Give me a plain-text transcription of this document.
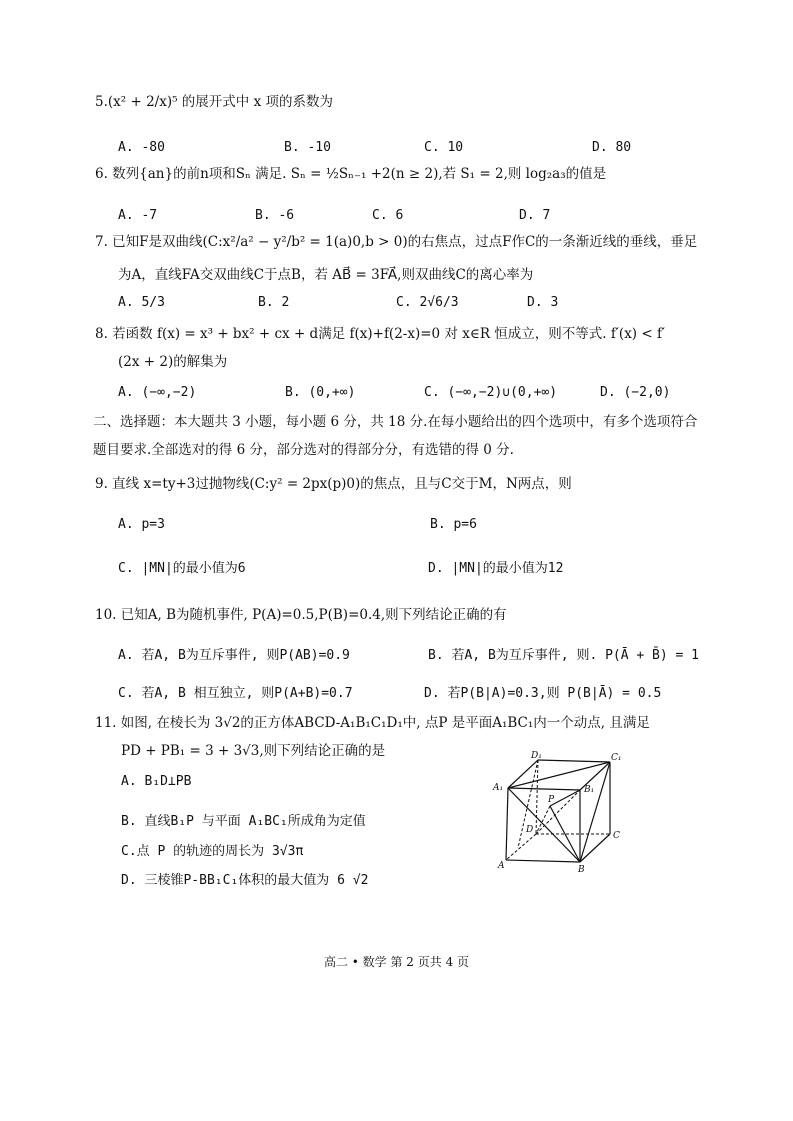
5.(x² + 2/x)⁵ 的展开式中 x 项的系数为
A. -80	B. -10	C. 10	D. 80
6. 数列{an}的前n项和Sₙ 满足. Sₙ = ½Sₙ₋₁ +2(n ≥ 2),若 S₁ = 2,则 log₂a₃的值是
A. -7	B. -6	C. 6	D. 7
7. 已知F是双曲线(C:x²/a² − y²/b² = 1(a)0,b > 0)的右焦点，过点F作C的一条渐近线的垂线，垂足
为A，直线FA交双曲线C于点B，若 AB⃗ = 3FA⃗,则双曲线C的离心率为
A. 5/3	B. 2	C. 2√6/3	D. 3
8. 若函数 f(x) = x³ + bx² + cx + d满足 f(x)+f(2-x)=0 对 x∈R 恒成立，则不等式. f′(x) < f′
(2x + 2)的解集为
A. (−∞,−2)	B. (0,+∞)	C. (−∞,−2)∪(0,+∞)	D. (−2,0)
二、选择题：本大题共 3 小题，每小题 6 分，共 18 分.在每小题给出的四个选项中，有多个选项符合题目要求.全部选对的得 6 分，部分选对的得部分分，有选错的得 0 分.
9. 直线 x=ty+3过抛物线(C:y² = 2px(p)0)的焦点，且与C交于M，N两点，则
A. p=3	B. p=6
C. |MN|的最小值为6	D. |MN|的最小值为12
10. 已知A, B为随机事件, P(A)=0.5,P(B)=0.4,则下列结论正确的有
A. 若A, B为互斥事件, 则P(AB)=0.9	B. 若A, B为互斥事件, 则. P(Ā + B̄) = 1
C. 若A, B 相互独立, 则P(A+B)=0.7	D. 若P(B|A)=0.3,则 P(B|Ā) = 0.5
11. 如图, 在棱长为 3√2的正方体ABCD-A₁B₁C₁D₁中, 点P 是平面A₁BC₁内一个动点, 且满足
PD + PB₁ = 3 + 3√3,则下列结论正确的是
A. B₁D⊥PB
B. 直线B₁P 与平面 A₁BC₁所成角为定值
C.点 P 的轨迹的周长为 3√3π
D. 三棱锥P-BB₁C₁体积的最大值为 6 √2
D₁	C₁
A₁	B₁
P
D
C
A	B
高二 • 数学 第 2 页共 4 页
